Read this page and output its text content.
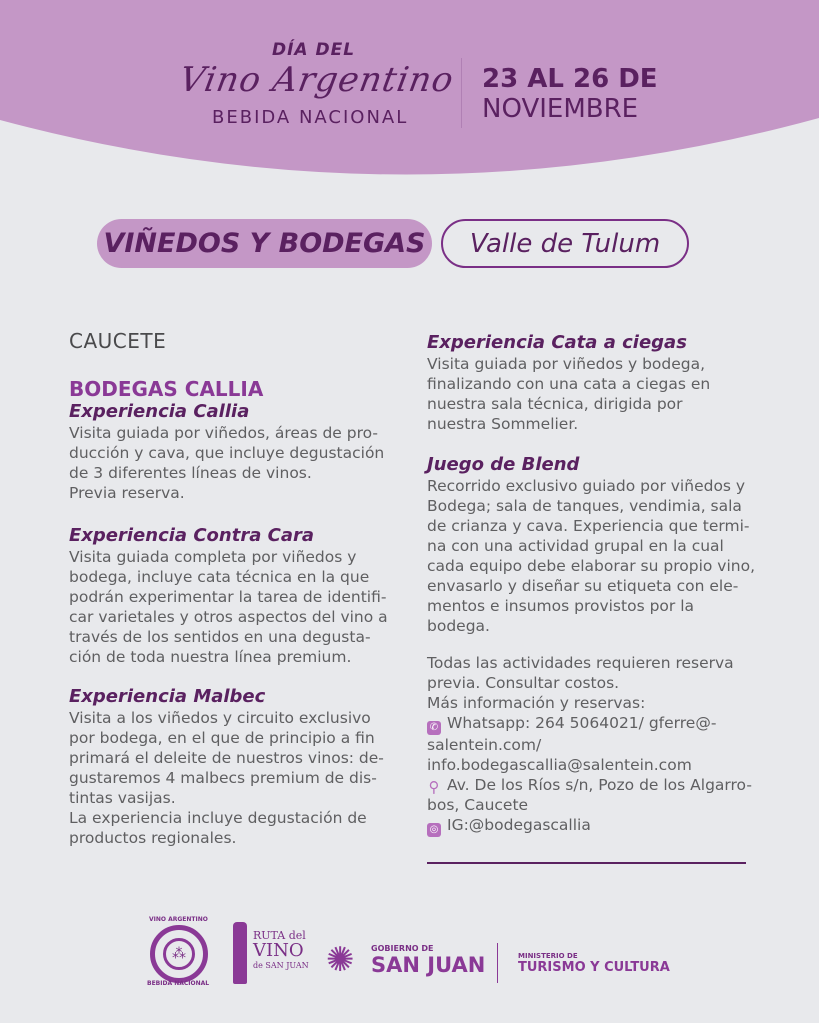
DÍA DEL
Vino Argentino
BEBIDA NACIONAL
23 AL 26 DE
NOVIEMBRE
VIÑEDOS Y BODEGAS	Valle de Tulum
CAUCETE
BODEGAS CALLIA
Experiencia Callia
Visita guiada por viñedos, áreas de pro-
ducción y cava, que incluye degustación
de 3 diferentes líneas de vinos.
Previa reserva.
Experiencia Contra Cara
Visita guiada completa por viñedos y
bodega, incluye cata técnica en la que
podrán experimentar la tarea de identifi-
car varietales y otros aspectos del vino a
través de los sentidos en una degusta-
ción de toda nuestra línea premium.
Experiencia Malbec
Visita a los viñedos y circuito exclusivo
por bodega, en el que de principio a fin
primará el deleite de nuestros vinos: de-
gustaremos 4 malbecs premium de dis-
tintas vasijas.
La experiencia incluye degustación de
productos regionales.
Experiencia Cata a ciegas
Visita guiada por viñedos y bodega,
finalizando con una cata a ciegas en
nuestra sala técnica, dirigida por
nuestra Sommelier.
Juego de Blend
Recorrido exclusivo guiado por viñedos y
Bodega; sala de tanques, vendimia, sala
de crianza y cava. Experiencia que termi-
na con una actividad grupal en la cual
cada equipo debe elaborar su propio vino,
envasarlo y diseñar su etiqueta con ele-
mentos e insumos provistos por la
bodega.
Todas las actividades requieren reserva
previa. Consultar costos.
Más información y reservas:
✆ Whatsapp: 264 5064021/ gferre@-
salentein.com/
info.bodegascallia@salentein.com
⚲ Av. De los Ríos s/n, Pozo de los Algarro-
bos, Caucete
◎ IG:@bodegascallia
⁂
VINO ARGENTINO
BEBIDA NACIONAL
RUTA del
VINO
de SAN JUAN ✺ GOBIERNO DE
SAN JUAN	MINISTERIO DE
TURISMO Y CULTURA
